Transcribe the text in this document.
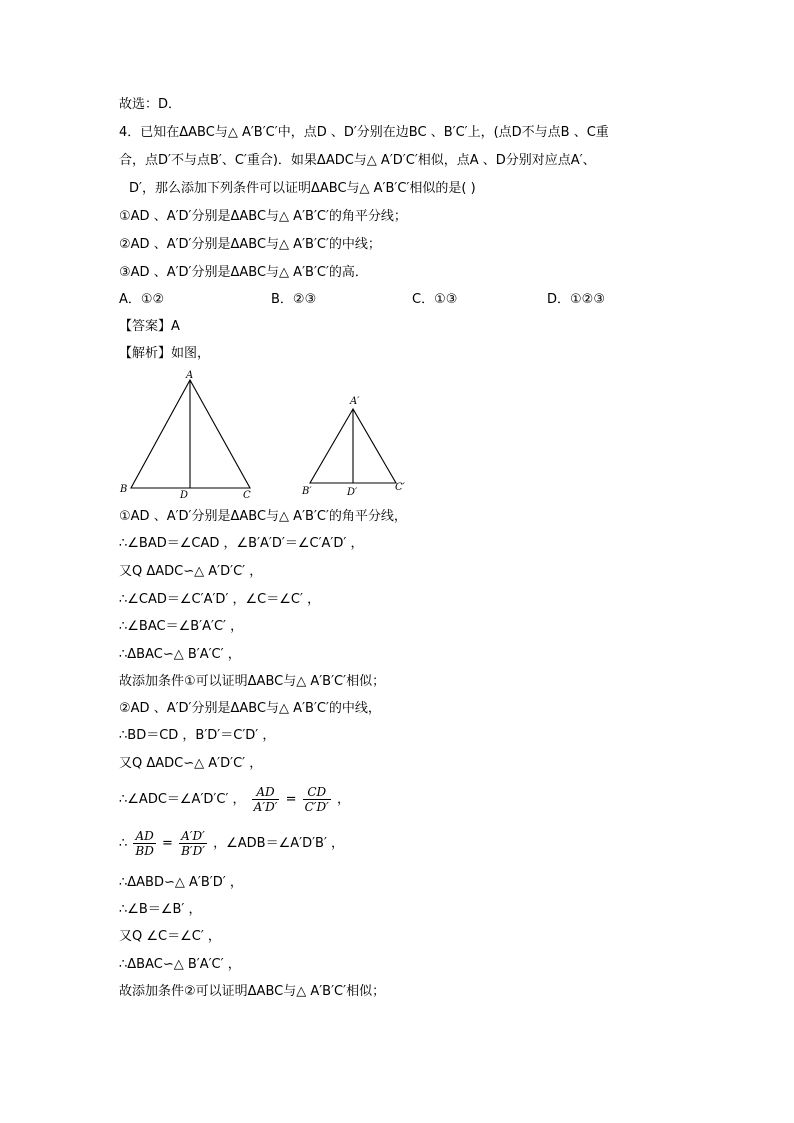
故选：D．
4．已知在ΔABC与△ A′B′C′中，点D 、D′分别在边BC 、B′C′上，(点D不与点B 、C重
合，点D′不与点B′、C′重合)．如果ΔADC与△ A′D′C′相似，点A 、D分别对应点A′、
D′，那么添加下列条件可以证明ΔABC与△ A′B′C′相似的是( )
①AD 、A′D′分别是ΔABC与△ A′B′C′的角平分线；
②AD 、A′D′分别是ΔABC与△ A′B′C′的中线；
③AD 、A′D′分别是ΔABC与△ A′B′C′的高．
A．①②	B．②③	C．①③	D．①②③
【答案】A
【解析】如图，
A
B
C
D
A′
B′	C′
D′
①AD 、A′D′分别是ΔABC与△ A′B′C′的角平分线，
∴∠BAD＝∠CAD ，∠B′A′D′＝∠C′A′D′ ，
又Q ΔADC∽△ A′D′C′ ，
∴∠CAD＝∠C′A′D′ ，∠C＝∠C′ ，
∴∠BAC＝∠B′A′C′ ，
∴ΔBAC∽△ B′A′C′ ，
故添加条件①可以证明ΔABC与△ A′B′C′相似；
②AD 、A′D′分别是ΔABC与△ A′B′C′的中线，
∴BD＝CD ，B′D′＝C′D′ ，
又Q ΔADC∽△ A′D′C′ ，
∴∠ADC＝∠A′D′C′ ， $\frac{AD}{A'D'} = \frac{CD}{C'D'}$ ，
∴ $\frac{AD}{BD} = \frac{A'D'}{B'D'}$ ，∠ADB＝∠A′D′B′ ，
∴ΔABD∽△ A′B′D′ ，
∴∠B＝∠B′ ，
又Q ∠C＝∠C′ ，
∴ΔBAC∽△ B′A′C′ ，
故添加条件②可以证明ΔABC与△ A′B′C′相似；
